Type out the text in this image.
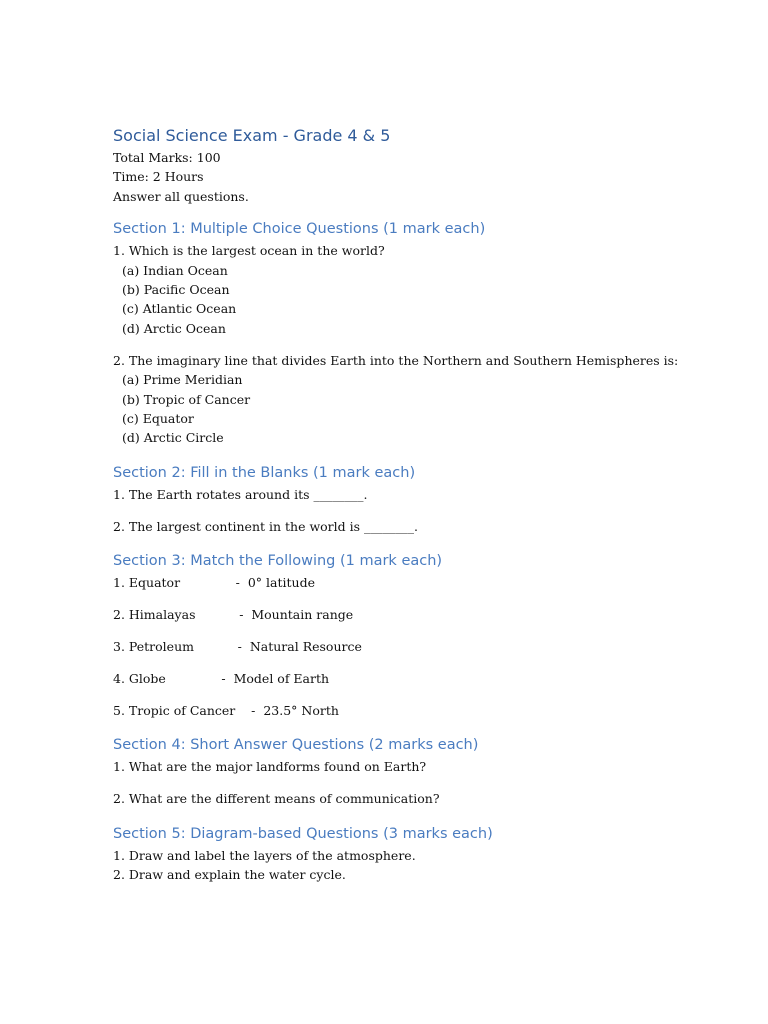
Social Science Exam - Grade 4 & 5
Total Marks: 100
Time: 2 Hours
Answer all questions.
Section 1: Multiple Choice Questions (1 mark each)
1. Which is the largest ocean in the world?
(a) Indian Ocean
(b) Pacific Ocean
(c) Atlantic Ocean
(d) Arctic Ocean
2. The imaginary line that divides Earth into the Northern and Southern Hemispheres is:
(a) Prime Meridian
(b) Tropic of Cancer
(c) Equator
(d) Arctic Circle
Section 2: Fill in the Blanks (1 mark each)
1. The Earth rotates around its ________.
2. The largest continent in the world is ________.
Section 3: Match the Following (1 mark each)
1. Equator              -  0° latitude
2. Himalayas           -  Mountain range
3. Petroleum           -  Natural Resource
4. Globe              -  Model of Earth
5. Tropic of Cancer    -  23.5° North
Section 4: Short Answer Questions (2 marks each)
1. What are the major landforms found on Earth?
2. What are the different means of communication?
Section 5: Diagram-based Questions (3 marks each)
1. Draw and label the layers of the atmosphere.
2. Draw and explain the water cycle.
